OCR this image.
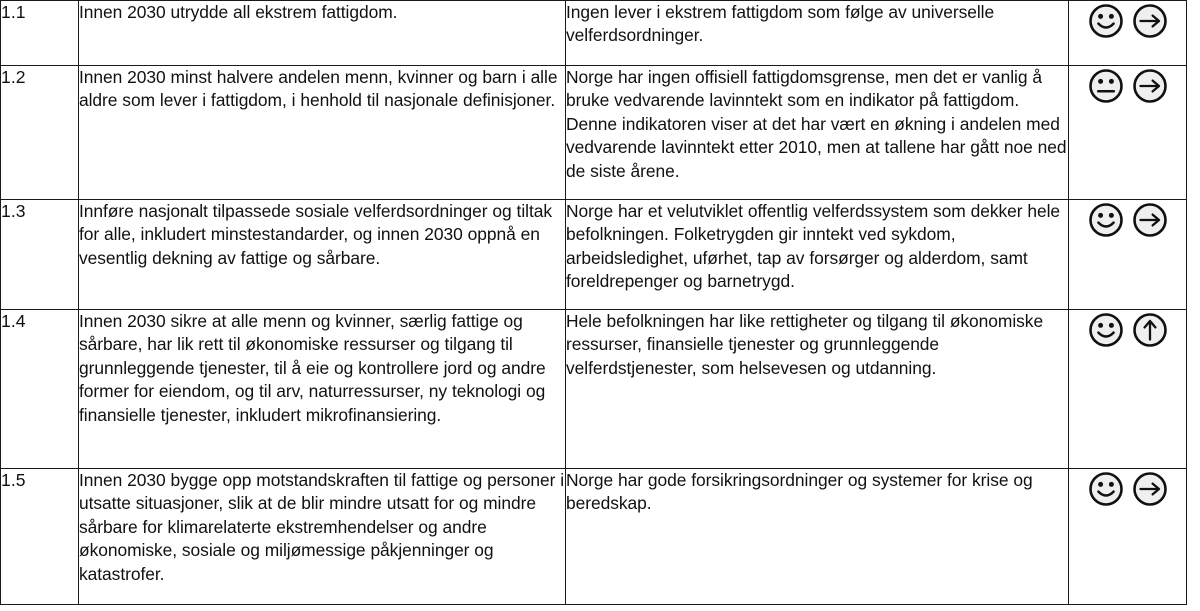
1.1	Innen 2030 utrydde all ekstrem fattigdom.	Ingen lever i ekstrem fattigdom som følge av universelle velferdsordninger.	

1.2	Innen 2030 minst halvere andelen menn, kvinner og barn i alle aldre som lever i fattigdom, i henhold til nasjonale definisjoner.	Norge har ingen offisiell fattigdomsgrense, men det er vanlig å bruke vedvarende lavinntekt som en indikator på fattigdom. Denne indikatoren viser at det har vært en økning i andelen med vedvarende lavinntekt etter 2010, men at tallene har gått noe ned de siste årene.	

1.3	Innføre nasjonalt tilpassede sosiale velferdsordninger og tiltak for alle, inkludert minstestandarder, og innen 2030 oppnå en vesentlig dekning av fattige og sårbare.	Norge har et velutviklet offentlig velferdssystem som dekker hele befolkningen. Folketrygden gir inntekt ved sykdom, arbeidsledighet, uførhet, tap av forsørger og alderdom, samt foreldrepenger og barnetrygd.	

1.4	Innen 2030 sikre at alle menn og kvinner, særlig fattige og sårbare, har lik rett til økonomiske ressurser og tilgang til grunnleggende tjenester, til å eie og kontrollere jord og andre former for eiendom, og til arv, naturressurser, ny teknologi og finansielle tjenester, inkludert mikrofinansiering.	Hele befolkningen har like rettigheter og tilgang til økonomiske ressurser, finansielle tjenester og grunnleggende velferdstjenester, som helsevesen og utdanning.	

1.5	Innen 2030 bygge opp motstandskraften til fattige og personer i utsatte situasjoner, slik at de blir mindre utsatt for og mindre sårbare for klimarelaterte ekstremhendelser og andre økonomiske, sosiale og miljømessige påkjenninger og katastrofer.	Norge har gode forsikringsordninger og systemer for krise og beredskap.	
